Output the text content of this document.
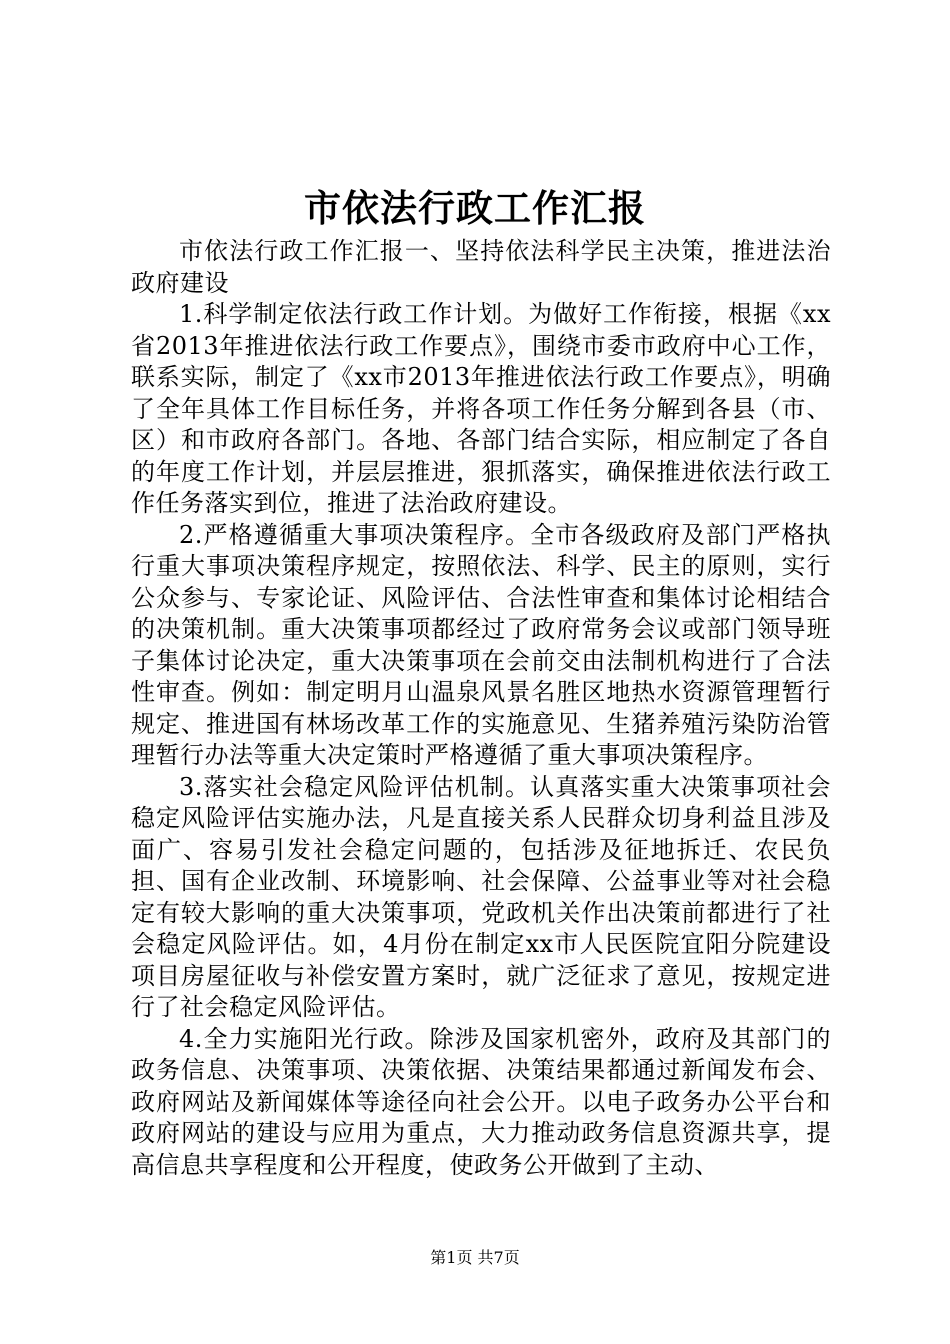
市依法行政工作汇报

市依法行政工作汇报一、坚持依法科学民主决策，推进法治政府建设

1.科学制定依法行政工作计划。为做好工作衔接，根据《xx省2013年推进依法行政工作要点》，围绕市委市政府中心工作，联系实际，制定了《xx市2013年推进依法行政工作要点》，明确了全年具体工作目标任务，并将各项工作任务分解到各县（市、区）和市政府各部门。各地、各部门结合实际，相应制定了各自的年度工作计划，并层层推进，狠抓落实，确保推进依法行政工作任务落实到位，推进了法治政府建设。

2.严格遵循重大事项决策程序。全市各级政府及部门严格执行重大事项决策程序规定，按照依法、科学、民主的原则，实行公众参与、专家论证、风险评估、合法性审查和集体讨论相结合的决策机制。重大决策事项都经过了政府常务会议或部门领导班子集体讨论决定，重大决策事项在会前交由法制机构进行了合法性审查。例如：制定明月山温泉风景名胜区地热水资源管理暂行规定、推进国有林场改革工作的实施意见、生猪养殖污染防治管理暂行办法等重大决定策时严格遵循了重大事项决策程序。

3.落实社会稳定风险评估机制。认真落实重大决策事项社会稳定风险评估实施办法，凡是直接关系人民群众切身利益且涉及面广、容易引发社会稳定问题的，包括涉及征地拆迁、农民负担、国有企业改制、环境影响、社会保障、公益事业等对社会稳定有较大影响的重大决策事项，党政机关作出决策前都进行了社会稳定风险评估。如，4月份在制定xx市人民医院宜阳分院建设项目房屋征收与补偿安置方案时，就广泛征求了意见，按规定进行了社会稳定风险评估。

4.全力实施阳光行政。除涉及国家机密外，政府及其部门的政务信息、决策事项、决策依据、决策结果都通过新闻发布会、政府网站及新闻媒体等途径向社会公开。以电子政务办公平台和政府网站的建设与应用为重点，大力推动政务信息资源共享，提高信息共享程度和公开程度，使政务公开做到了主动、

第1页 共7页
